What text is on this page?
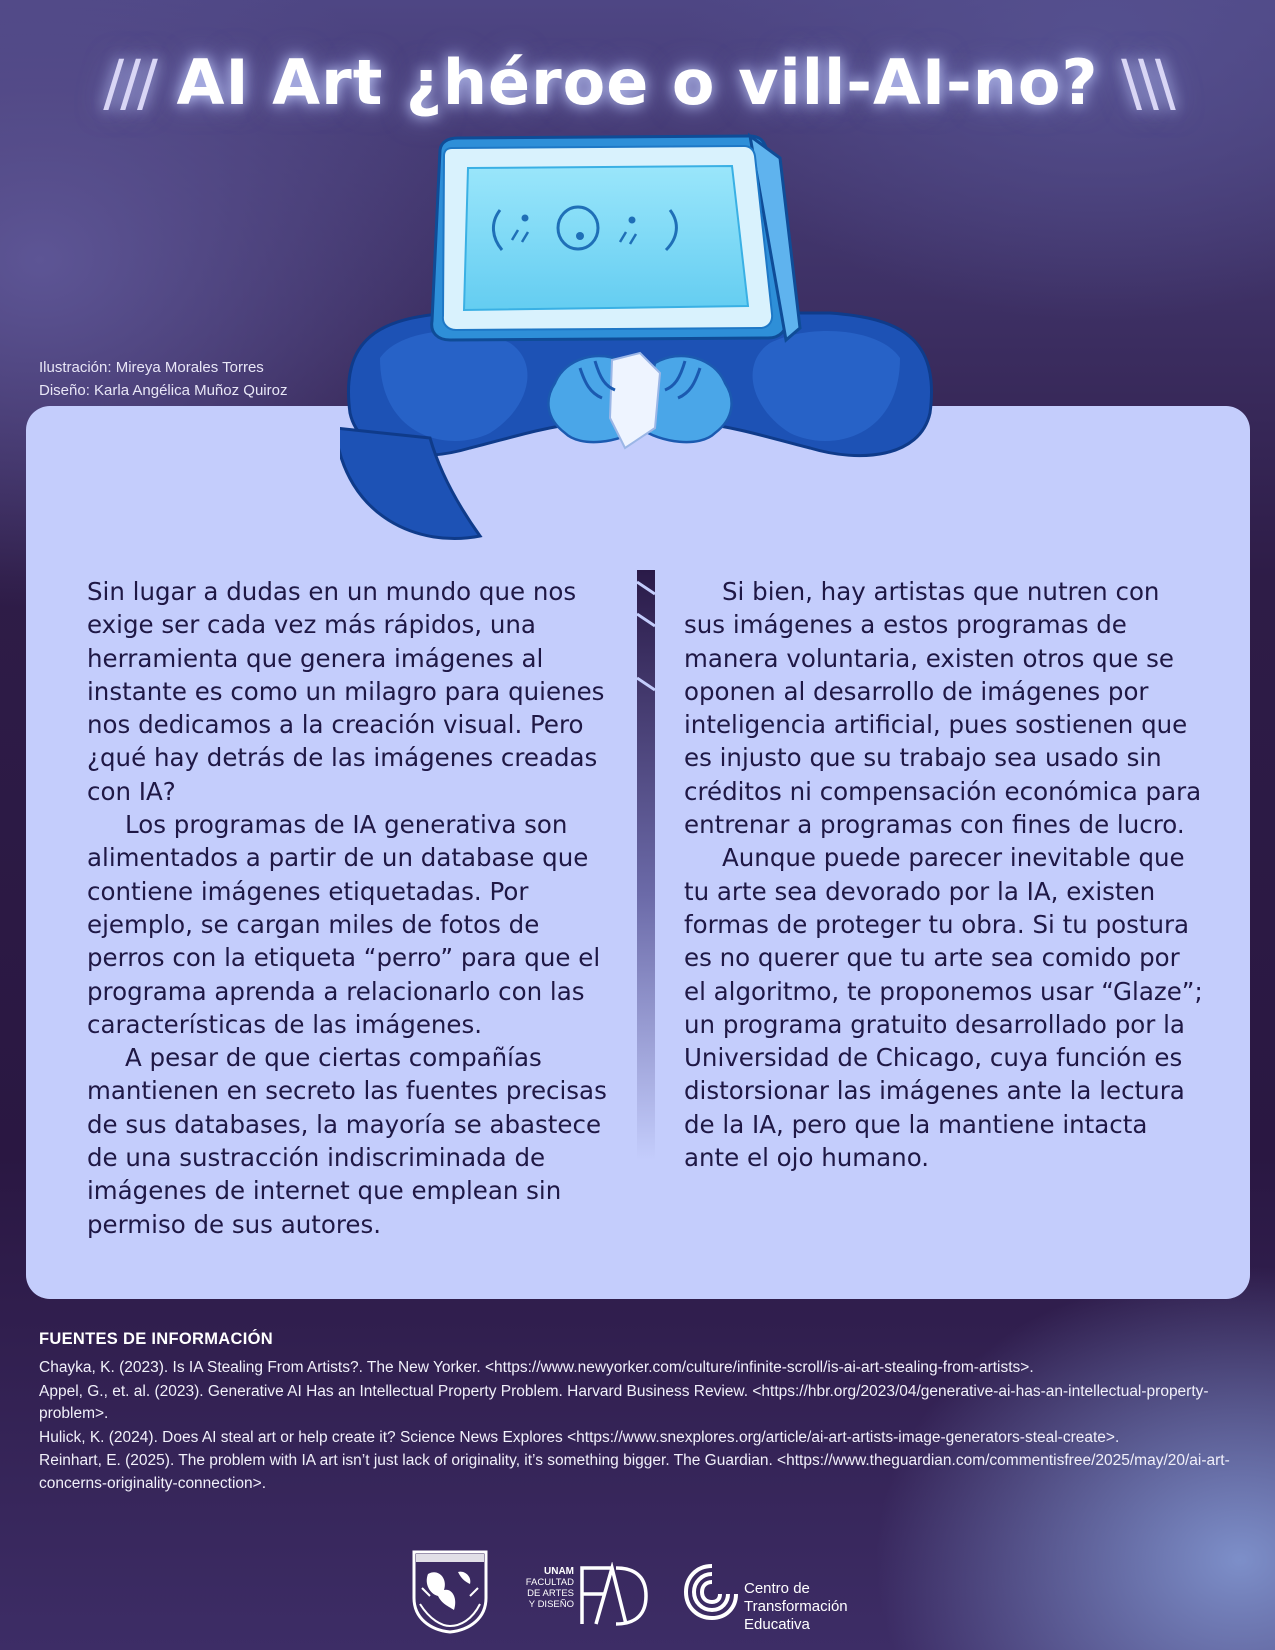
/// AI Art ¿héroe o vill-AI-no? \\\
Ilustración: Mireya Morales Torres
Diseño: Karla Angélica Muñoz Quiroz

Sin lugar a dudas en un mundo que nos exige ser cada vez más rápidos, una herramienta que genera imágenes al instante es como un milagro para quienes nos dedicamos a la creación visual. Pero ¿qué hay detrás de las imágenes creadas con IA?

Los programas de IA generativa son alimentados a partir de un database que contiene imágenes etiquetadas. Por ejemplo, se cargan miles de fotos de perros con la etiqueta “perro” para que el programa aprenda a relacionarlo con las características de las imágenes.

A pesar de que ciertas compañías mantienen en secreto las fuentes precisas de sus databases, la mayoría se abastece de una sustracción indiscriminada de imágenes de internet que emplean sin permiso de sus autores.

Si bien, hay artistas que nutren con sus imágenes a estos programas de manera voluntaria, existen otros que se oponen al desarrollo de imágenes por inteligencia artificial, pues sostienen que es injusto que su trabajo sea usado sin créditos ni compensación económica para entrenar a programas con fines de lucro.

Aunque puede parecer inevitable que tu arte sea devorado por la IA, existen formas de proteger tu obra. Si tu postura es no querer que tu arte sea comido por el algoritmo, te proponemos usar “Glaze”; un programa gratuito desarrollado por la Universidad de Chicago, cuya función es distorsionar las imágenes ante la lectura de la IA, pero que la mantiene intacta ante el ojo humano.

FUENTES DE INFORMACIÓN

Chayka, K. (2023). Is IA Stealing From Artists?. The New Yorker. <https://www.newyorker.com/culture/infinite-scroll/is-ai-art-stealing-from-artists>.

Appel, G., et. al. (2023). Generative AI Has an Intellectual Property Problem. Harvard Business Review. <https://hbr.org/2023/04/generative-ai-has-an-intellectual-property-problem>.

Hulick, K. (2024). Does AI steal art or help create it? Science News Explores <https://www.snexplores.org/article/ai-art-artists-image-generators-steal-create>.

Reinhart, E. (2025). The problem with IA art isn’t just lack of originality, it’s something bigger. The Guardian. <https://www.theguardian.com/commentisfree/2025/may/20/ai-art-concerns-originality-connection>.

UNAM
FACULTAD
DE ARTES
Y DISEÑO
Centro de
Transformación
Educativa
